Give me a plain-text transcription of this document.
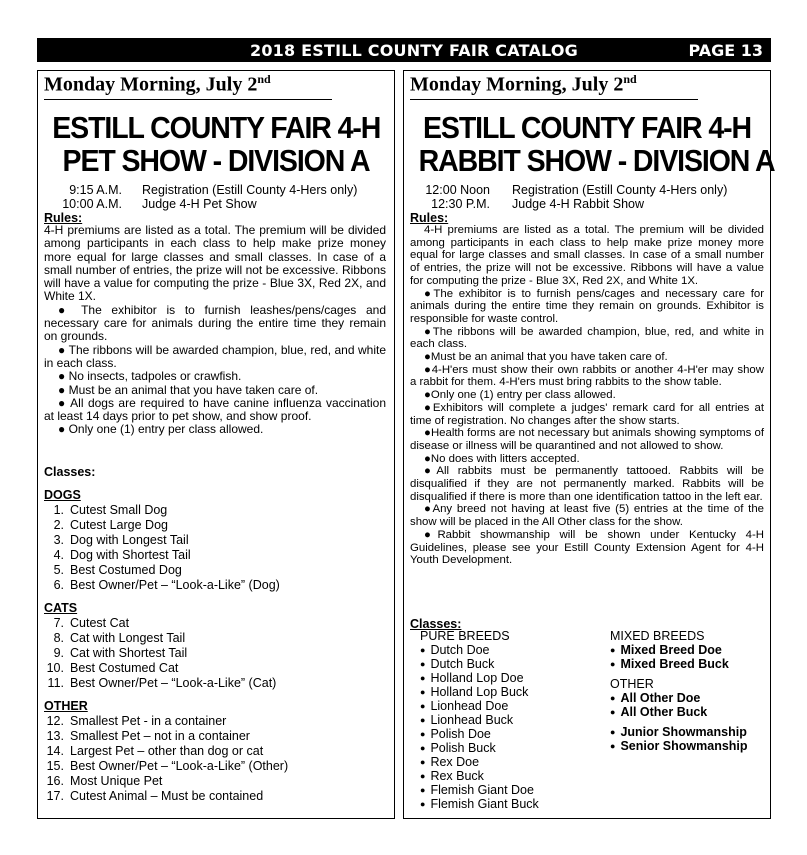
2018 ESTILL COUNTY FAIR CATALOG	PAGE 13
Monday Morning, July 2nd
ESTILL COUNTY FAIR 4-H
PET SHOW - DIVISION A
9:15 A.M. Registration (Estill County 4-Hers only)
10:00 A.M. Judge 4-H Pet Show
Rules:

4-H premiums are listed as a total. The premium will be divided among participants in each class to help make prize money more equal for large classes and small classes. In case of a small number of entries, the prize will not be excessive. Ribbons will have a value for computing the prize - Blue 3X, Red 2X, and White 1X.

● The exhibitor is to furnish leashes/pens/cages and necessary care for animals during the entire time they remain on grounds.

● The ribbons will be awarded champion, blue, red, and white in each class.

● No insects, tadpoles or crawfish.

● Must be an animal that you have taken care of.

● All dogs are required to have canine influenza vaccination at least 14 days prior to pet show, and show proof.

● Only one (1) entry per class allowed.

Classes:
DOGS
1. Cutest Small Dog
2. Cutest Large Dog
3. Dog with Longest Tail
4. Dog with Shortest Tail
5. Best Costumed Dog
6. Best Owner/Pet – “Look-a-Like” (Dog)
CATS
7. Cutest Cat
8. Cat with Longest Tail
9. Cat with Shortest Tail
10. Best Costumed Cat
11. Best Owner/Pet – “Look-a-Like” (Cat)
OTHER
12. Smallest Pet - in a container
13. Smallest Pet – not in a container
14. Largest Pet – other than dog or cat
15. Best Owner/Pet – “Look-a-Like” (Other)
16. Most Unique Pet
17. Cutest Animal – Must be contained
Monday Morning, July 2nd
ESTILL COUNTY FAIR 4-H
RABBIT SHOW - DIVISION A
12:00 Noon Registration (Estill County 4-Hers only)
12:30 P.M. Judge 4-H Rabbit Show
Rules:

4-H premiums are listed as a total. The premium will be divided among participants in each class to help make prize money more equal for large classes and small classes. In case of a small number of entries, the prize will not be excessive. Ribbons will have a value for computing the prize - Blue 3X, Red 2X, and White 1X.

●The exhibitor is to furnish pens/cages and necessary care for animals during the entire time they remain on grounds. Exhibitor is responsible for waste control.

●The ribbons will be awarded champion, blue, red, and white in each class.

●Must be an animal that you have taken care of.

●4-H'ers must show their own rabbits or another 4-H'er may show a rabbit for them. 4-H'ers must bring rabbits to the show table.

●Only one (1) entry per class allowed.

●Exhibitors will complete a judges' remark card for all entries at time of registration. No changes after the show starts.

●Health forms are not necessary but animals showing symptoms of disease or illness will be quarantined and not allowed to show.

●No does with litters accepted.

●All rabbits must be permanently tattooed. Rabbits will be disqualified if they are not permanently marked. Rabbits will be disqualified if there is more than one identification tattoo in the left ear.

●Any breed not having at least five (5) entries at the time of the show will be placed in the All Other class for the show.

●Rabbit showmanship will be shown under Kentucky 4-H Guidelines, please see your Estill County Extension Agent for 4-H Youth Development.

Classes:
PURE BREEDS
● Dutch Doe
● Dutch Buck
● Holland Lop Doe
● Holland Lop Buck
● Lionhead Doe
● Lionhead Buck
● Polish Doe
● Polish Buck
● Rex Doe
● Rex Buck
● Flemish Giant Doe
● Flemish Giant Buck
MIXED BREEDS
● Mixed Breed Doe
● Mixed Breed Buck
OTHER
● All Other Doe
● All Other Buck
● Junior Showmanship
● Senior Showmanship
